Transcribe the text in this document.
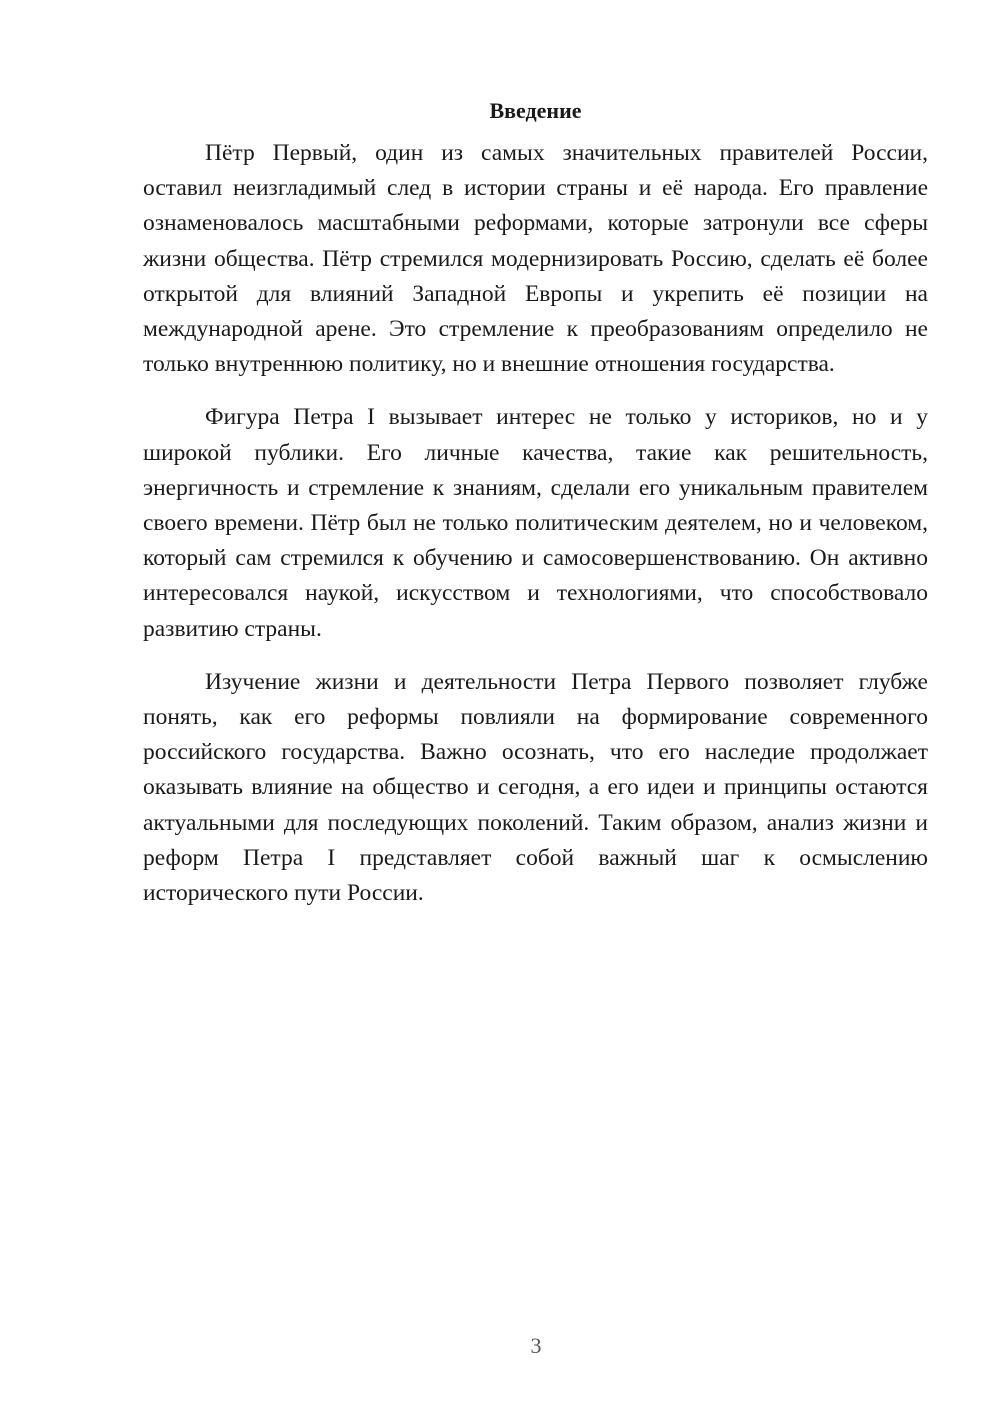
Введение

Пётр Первый, один из самых значительных правителей России, оставил неизгладимый след в истории страны и её народа. Его правление ознаменовалось масштабными реформами, которые затронули все сферы жизни общества. Пётр стремился модернизировать Россию, сделать её более открытой для влияний Западной Европы и укрепить её позиции на международной арене. Это стремление к преобразованиям определило не только внутреннюю политику, но и внешние отношения государства.

Фигура Петра I вызывает интерес не только у историков, но и у широкой публики. Его личные качества, такие как решительность, энергичность и стремление к знаниям, сделали его уникальным правителем своего времени. Пётр был не только политическим деятелем, но и человеком, который сам стремился к обучению и самосовершенствованию. Он активно интересовался наукой, искусством и технологиями, что способствовало развитию страны.

Изучение жизни и деятельности Петра Первого позволяет глубже понять, как его реформы повлияли на формирование современного российского государства. Важно осознать, что его наследие продолжает оказывать влияние на общество и сегодня, а его идеи и принципы остаются актуальными для последующих поколений. Таким образом, анализ жизни и реформ Петра I представляет собой важный шаг к осмыслению исторического пути России.

3
